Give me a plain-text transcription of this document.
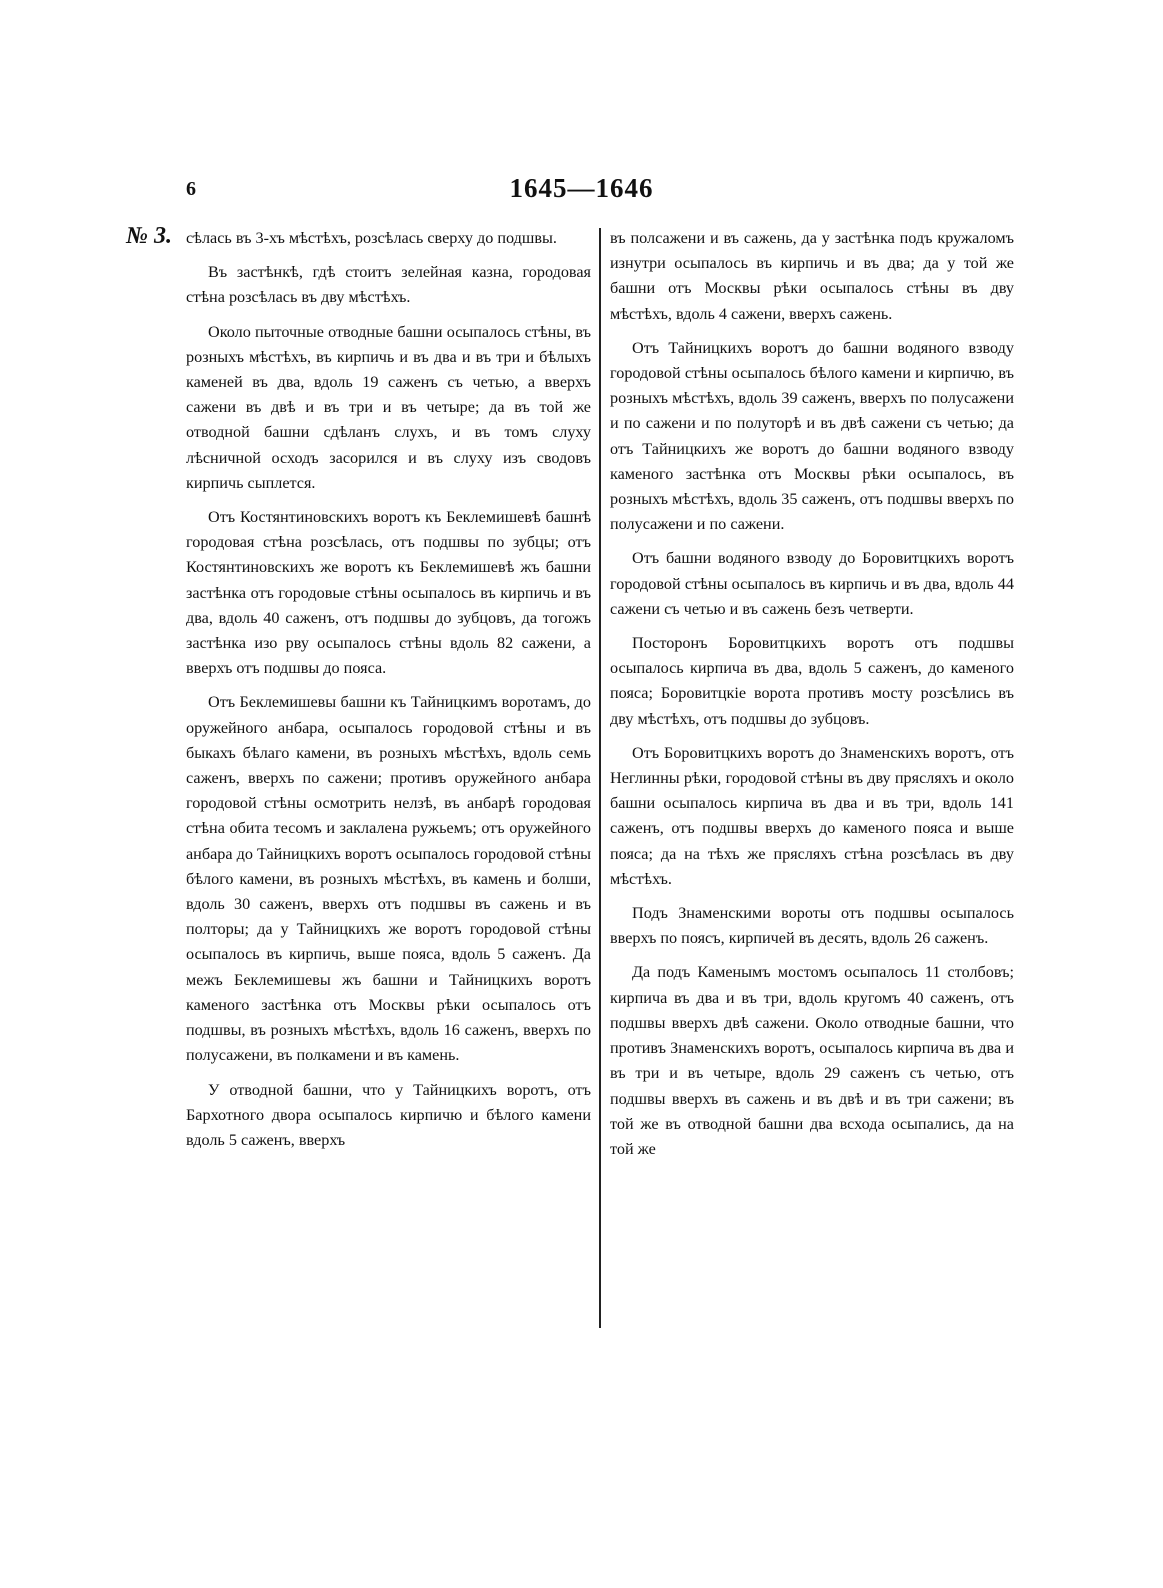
6	1645—1646
№ 3. сѣлась въ 3-хъ мѣстѣхъ, розсѣлась сверху до подшвы.

Въ застѣнкѣ, гдѣ стоитъ зелейная казна, городовая стѣна розсѣлась въ дву мѣстѣхъ.

Около пыточные отводные башни осыпалось стѣны, въ розныхъ мѣстѣхъ, въ кирпичь и въ два и въ три и бѣлыхъ каменей въ два, вдоль 19 саженъ съ четью, а вверхъ сажени въ двѣ и въ три и въ четыре; да въ той же отводной башни сдѣланъ слухъ, и въ томъ слуху лѣсничной осходъ засорился и въ слуху изъ сводовъ кирпичь сыплется.

Отъ Костянтиновскихъ воротъ къ Беклемишевѣ башнѣ городовая стѣна розсѣлась, отъ подшвы по зубцы; отъ Костянтиновскихъ же воротъ къ Беклемишевѣ жъ башни застѣнка отъ городовые стѣны осыпалось въ кирпичь и въ два, вдоль 40 саженъ, отъ подшвы до зубцовъ, да тогожъ застѣнка изо рву осыпалось стѣны вдоль 82 сажени, а вверхъ отъ подшвы до пояса.

Отъ Беклемишевы башни къ Тайницкимъ воротамъ, до оружейного анбара, осыпалось городовой стѣны и въ быкахъ бѣлаго камени, въ розныхъ мѣстѣхъ, вдоль семь саженъ, вверхъ по сажени; противъ оружейного анбара городовой стѣны осмотрить нелзѣ, въ анбарѣ городовая стѣна обита тесомъ и заклалена ружьемъ; отъ оружейного анбара до Тайницкихъ воротъ осыпалось городовой стѣны бѣлого камени, въ розныхъ мѣстѣхъ, въ камень и болши, вдоль 30 саженъ, вверхъ отъ подшвы въ сажень и въ полторы; да у Тайницкихъ же воротъ городовой стѣны осыпалось въ кирпичь, выше пояса, вдоль 5 саженъ. Да межъ Беклемишевы жъ башни и Тайницкихъ воротъ каменого застѣнка отъ Москвы рѣки осыпалось отъ подшвы, въ розныхъ мѣстѣхъ, вдоль 16 саженъ, вверхъ по полусажени, въ полкамени и въ камень.

У отводной башни, что у Тайницкихъ воротъ, отъ Бархотного двора осыпалось кирпичю и бѣлого камени вдоль 5 саженъ, вверхъ

въ полсажени и въ сажень, да у застѣнка подъ кружаломъ изнутри осыпалось въ кирпичь и въ два; да у той же башни отъ Москвы рѣки осыпалось стѣны въ дву мѣстѣхъ, вдоль 4 сажени, вверхъ сажень.

Отъ Тайницкихъ воротъ до башни водяного взводу городовой стѣны осыпалось бѣлого камени и кирпичю, въ розныхъ мѣстѣхъ, вдоль 39 саженъ, вверхъ по полусажени и по сажени и по полуторѣ и въ двѣ сажени съ четью; да отъ Тайницкихъ же воротъ до башни водяного взводу каменого застѣнка отъ Москвы рѣки осыпалось, въ розныхъ мѣстѣхъ, вдоль 35 саженъ, отъ подшвы вверхъ по полусажени и по сажени.

Отъ башни водяного взводу до Боровитцкихъ воротъ городовой стѣны осыпалось въ кирпичь и въ два, вдоль 44 сажени съ четью и въ сажень безъ четверти.

Посторонъ Боровитцкихъ воротъ отъ подшвы осыпалось кирпича въ два, вдоль 5 саженъ, до каменого пояса; Боровитцкіе ворота противъ мосту розсѣлись въ дву мѣстѣхъ, отъ подшвы до зубцовъ.

Отъ Боровитцкихъ воротъ до Знаменскихъ воротъ, отъ Неглинны рѣки, городовой стѣны въ дву прясляхъ и около башни осыпалось кирпича въ два и въ три, вдоль 141 саженъ, отъ подшвы вверхъ до каменого пояса и выше пояса; да на тѣхъ же прясляхъ стѣна розсѣлась въ дву мѣстѣхъ.

Подъ Знаменскими вороты отъ подшвы осыпалось вверхъ по поясъ, кирпичей въ десять, вдоль 26 саженъ.

Да подъ Каменымъ мостомъ осыпалось 11 столбовъ; кирпича въ два и въ три, вдоль кругомъ 40 саженъ, отъ подшвы вверхъ двѣ сажени. Около отводные башни, что противъ Знаменскихъ воротъ, осыпалось кирпича въ два и въ три и въ четыре, вдоль 29 саженъ съ четью, отъ подшвы вверхъ въ сажень и въ двѣ и въ три сажени; въ той же въ отводной башни два всхода осыпались, да на той же
